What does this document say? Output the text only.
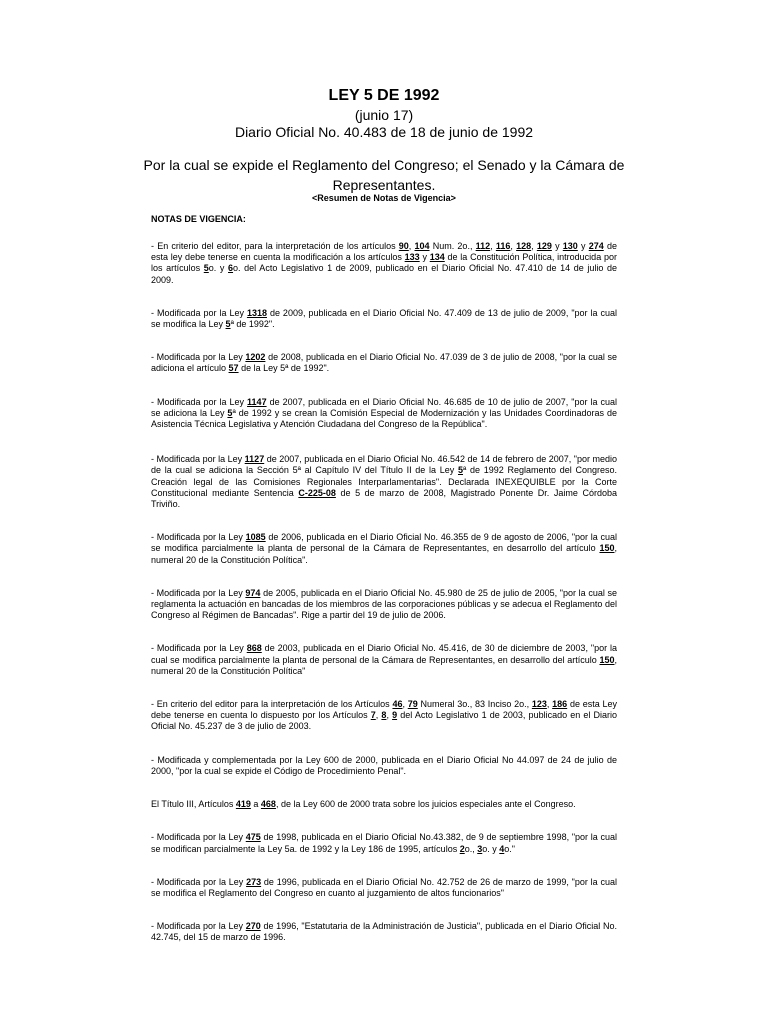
LEY 5 DE 1992
(junio 17)
Diario Oficial No. 40.483 de 18 de junio de 1992
Por la cual se expide el Reglamento del Congreso; el Senado y la Cámara de Representantes.
<Resumen de Notas de Vigencia>
NOTAS DE VIGENCIA:

- En criterio del editor, para la interpretación de los artículos 90, 104 Num. 2o., 112, 116, 128, 129 y 130 y 274 de esta ley debe tenerse en cuenta la modificación a los artículos 133 y 134 de la Constitución Política, introducida por los artículos 5o. y 6o. del Acto Legislativo 1 de 2009, publicado en el Diario Oficial No. 47.410 de 14 de julio de 2009.

- Modificada por la Ley 1318 de 2009, publicada en el Diario Oficial No. 47.409 de 13 de julio de 2009, "por la cual se modifica la Ley 5ª de 1992".

- Modificada por la Ley 1202 de 2008, publicada en el Diario Oficial No. 47.039 de 3 de julio de 2008, "por la cual se adiciona el artículo 57 de la Ley 5ª de 1992".

- Modificada por la Ley 1147 de 2007, publicada en el Diario Oficial No. 46.685 de 10 de julio de 2007, "por la cual se adiciona la Ley 5ª de 1992 y se crean la Comisión Especial de Modernización y las Unidades Coordinadoras de Asistencia Técnica Legislativa y Atención Ciudadana del Congreso de la República".

- Modificada por la Ley 1127 de 2007, publicada en el Diario Oficial No. 46.542 de 14 de febrero de 2007, "por medio de la cual se adiciona la Sección 5ª al Capítulo IV del Título II de la Ley 5ª de 1992 Reglamento del Congreso. Creación legal de las Comisiones Regionales Interparlamentarias". Declarada INEXEQUIBLE por la Corte Constitucional mediante Sentencia C-225-08 de 5 de marzo de 2008, Magistrado Ponente Dr. Jaime Córdoba Triviño.

- Modificada por la Ley 1085 de 2006, publicada en el Diario Oficial No. 46.355 de 9 de agosto de 2006, "por la cual se modifica parcialmente la planta de personal de la Cámara de Representantes, en desarrollo del artículo 150, numeral 20 de la Constitución Política".

- Modificada por la Ley 974 de 2005, publicada en el Diario Oficial No. 45.980 de 25 de julio de 2005, "por la cual se reglamenta la actuación en bancadas de los miembros de las corporaciones públicas y se adecua el Reglamento del Congreso al Régimen de Bancadas". Rige a partir del 19 de julio de 2006.

- Modificada por la Ley 868 de 2003, publicada en el Diario Oficial No. 45.416, de 30 de diciembre de 2003, "por la cual se modifica parcialmente la planta de personal de la Cámara de Representantes, en desarrollo del artículo 150, numeral 20 de la Constitución Política"

- En criterio del editor para la interpretación de los Artículos 46, 79 Numeral 3o., 83 Inciso 2o., 123, 186 de esta Ley debe tenerse en cuenta lo dispuesto por los Artículos 7, 8, 9 del Acto Legislativo 1 de 2003, publicado en el Diario Oficial No. 45.237 de 3 de julio de 2003.

- Modificada y complementada por la Ley 600 de 2000, publicada en el Diario Oficial No 44.097 de 24 de julio de 2000, "por la cual se expide el Código de Procedimiento Penal".

El Título III, Artículos 419 a 468, de la Ley 600 de 2000 trata sobre los juicios especiales ante el Congreso.

- Modificada por la Ley 475 de 1998, publicada en el Diario Oficial No.43.382, de 9 de septiembre 1998, "por la cual se modifican parcialmente la Ley 5a. de 1992 y la Ley 186 de 1995, artículos 2o., 3o. y 4o."

- Modificada por la Ley 273 de 1996, publicada en el Diario Oficial No. 42.752 de 26 de marzo de 1999, "por la cual se modifica el Reglamento del Congreso en cuanto al juzgamiento de altos funcionarios"

- Modificada por la Ley 270 de 1996, "Estatutaria de la Administración de Justicia", publicada en el Diario Oficial No. 42.745, del 15 de marzo de 1996.
